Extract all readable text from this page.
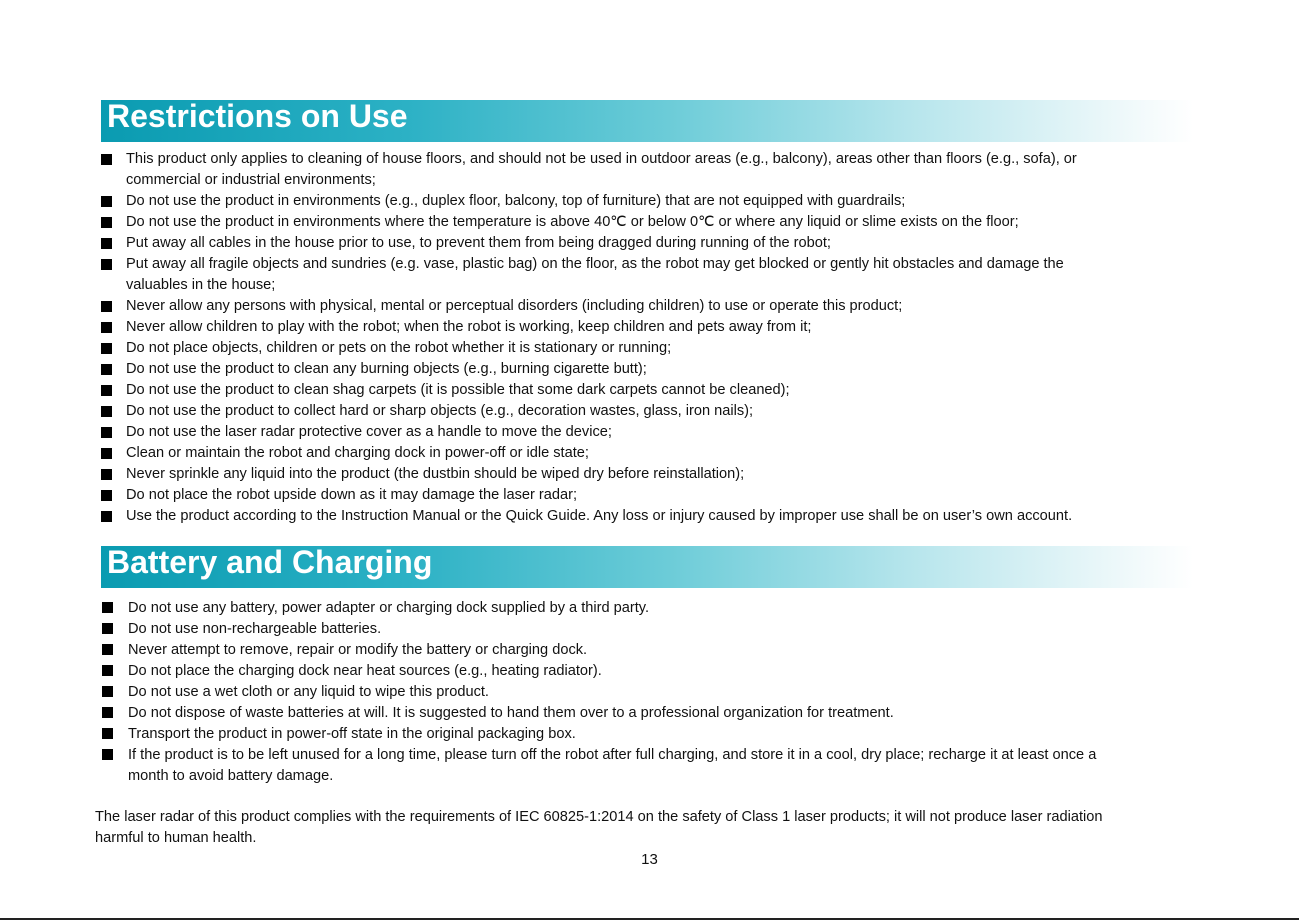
Restrictions on Use
This product only applies to cleaning of house floors, and should not be used in outdoor areas (e.g., balcony), areas other than floors (e.g., sofa), or
commercial or industrial environments;
Do not use the product in environments (e.g., duplex floor, balcony, top of furniture) that are not equipped with guardrails;
Do not use the product in environments where the temperature is above 40℃ or below 0℃ or where any liquid or slime exists on the floor;
Put away all cables in the house prior to use, to prevent them from being dragged during running of the robot;
Put away all fragile objects and sundries (e.g. vase, plastic bag) on the floor, as the robot may get blocked or gently hit obstacles and damage the
valuables in the house;
Never allow any persons with physical, mental or perceptual disorders (including children) to use or operate this product;
Never allow children to play with the robot; when the robot is working, keep children and pets away from it;
Do not place objects, children or pets on the robot whether it is stationary or running;
Do not use the product to clean any burning objects (e.g., burning cigarette butt);
Do not use the product to clean shag carpets (it is possible that some dark carpets cannot be cleaned);
Do not use the product to collect hard or sharp objects (e.g., decoration wastes, glass, iron nails);
Do not use the laser radar protective cover as a handle to move the device;
Clean or maintain the robot and charging dock in power-off or idle state;
Never sprinkle any liquid into the product (the dustbin should be wiped dry before reinstallation);
Do not place the robot upside down as it may damage the laser radar;
Use the product according to the Instruction Manual or the Quick Guide. Any loss or injury caused by improper use shall be on user’s own account.
Battery and Charging
Do not use any battery, power adapter or charging dock supplied by a third party.
Do not use non-rechargeable batteries.
Never attempt to remove, repair or modify the battery or charging dock.
Do not place the charging dock near heat sources (e.g., heating radiator).
Do not use a wet cloth or any liquid to wipe this product.
Do not dispose of waste batteries at will. It is suggested to hand them over to a professional organization for treatment.
Transport the product in power-off state in the original packaging box.
If the product is to be left unused for a long time, please turn off the robot after full charging, and store it in a cool, dry place; recharge it at least once a
month to avoid battery damage.
The laser radar of this product complies with the requirements of IEC 60825-1:2014 on the safety of Class 1 laser products; it will not produce laser radiation
harmful to human health.
13
